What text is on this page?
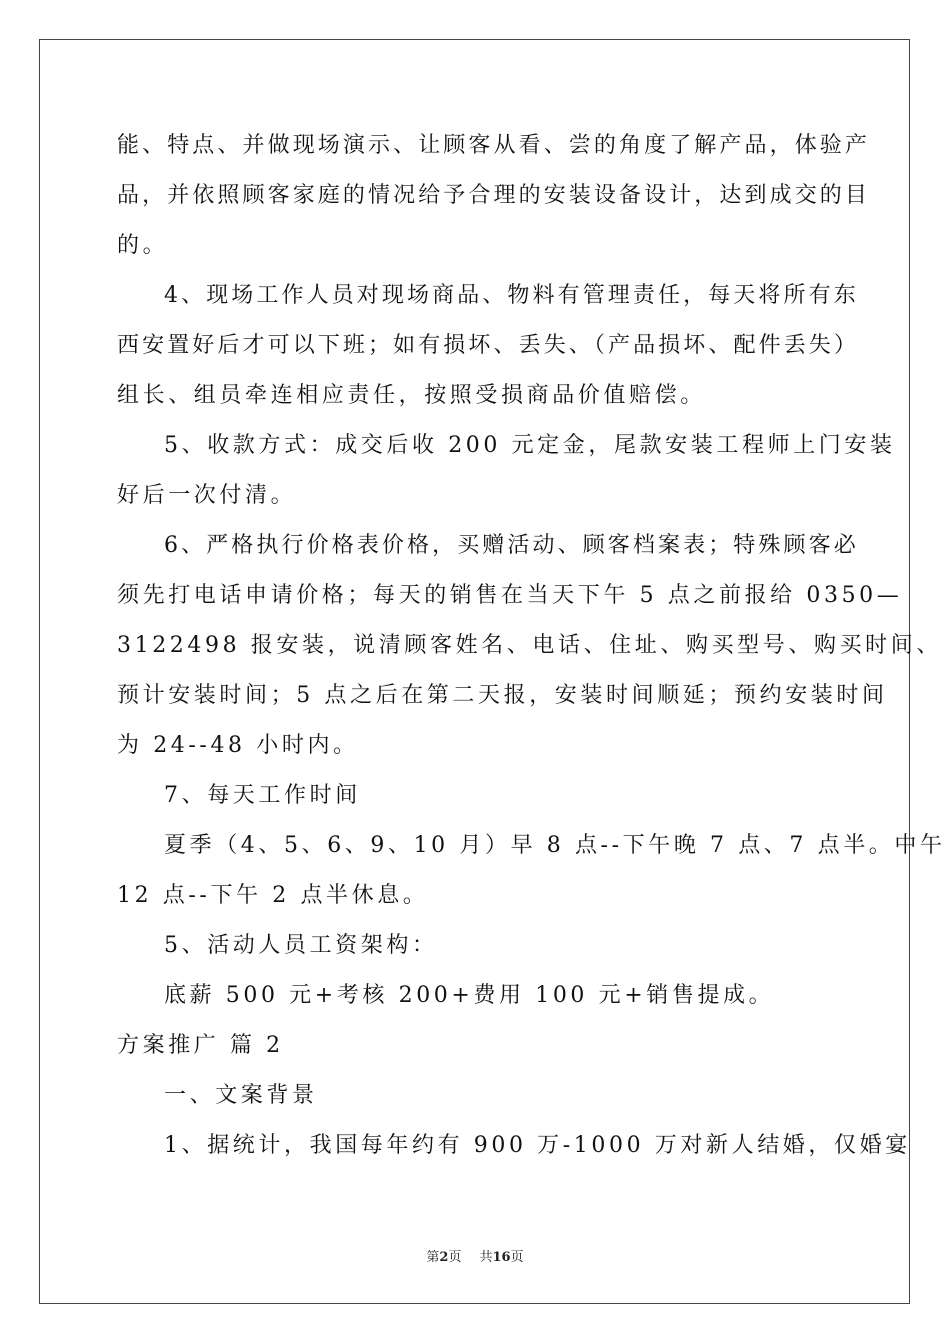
能、特点、并做现场演示、让顾客从看、尝的角度了解产品，体验产
品，并依照顾客家庭的情况给予合理的安装设备设计，达到成交的目
的。
4、现场工作人员对现场商品、物料有管理责任，每天将所有东
西安置好后才可以下班；如有损坏、丢失、（产品损坏、配件丢失）
组长、组员牵连相应责任，按照受损商品价值赔偿。
5、收款方式：成交后收 200 元定金，尾款安装工程师上门安装
好后一次付清。
6、严格执行价格表价格，买赠活动、顾客档案表；特殊顾客必
须先打电话申请价格；每天的销售在当天下午 5 点之前报给 0350—
3122498 报安装，说清顾客姓名、电话、住址、购买型号、购买时间、
预计安装时间；5 点之后在第二天报，安装时间顺延；预约安装时间
为 24--48 小时内。
7、每天工作时间
夏季（4、5、6、9、10 月）早 8 点--下午晚 7 点、7 点半。中午
12 点--下午 2 点半休息。
5、活动人员工资架构：
底薪 500 元+考核 200+费用 100 元+销售提成。
方案推广 篇 2
一、文案背景
1、据统计，我国每年约有 900 万-1000 万对新人结婚，仅婚宴
第2页 共16页
